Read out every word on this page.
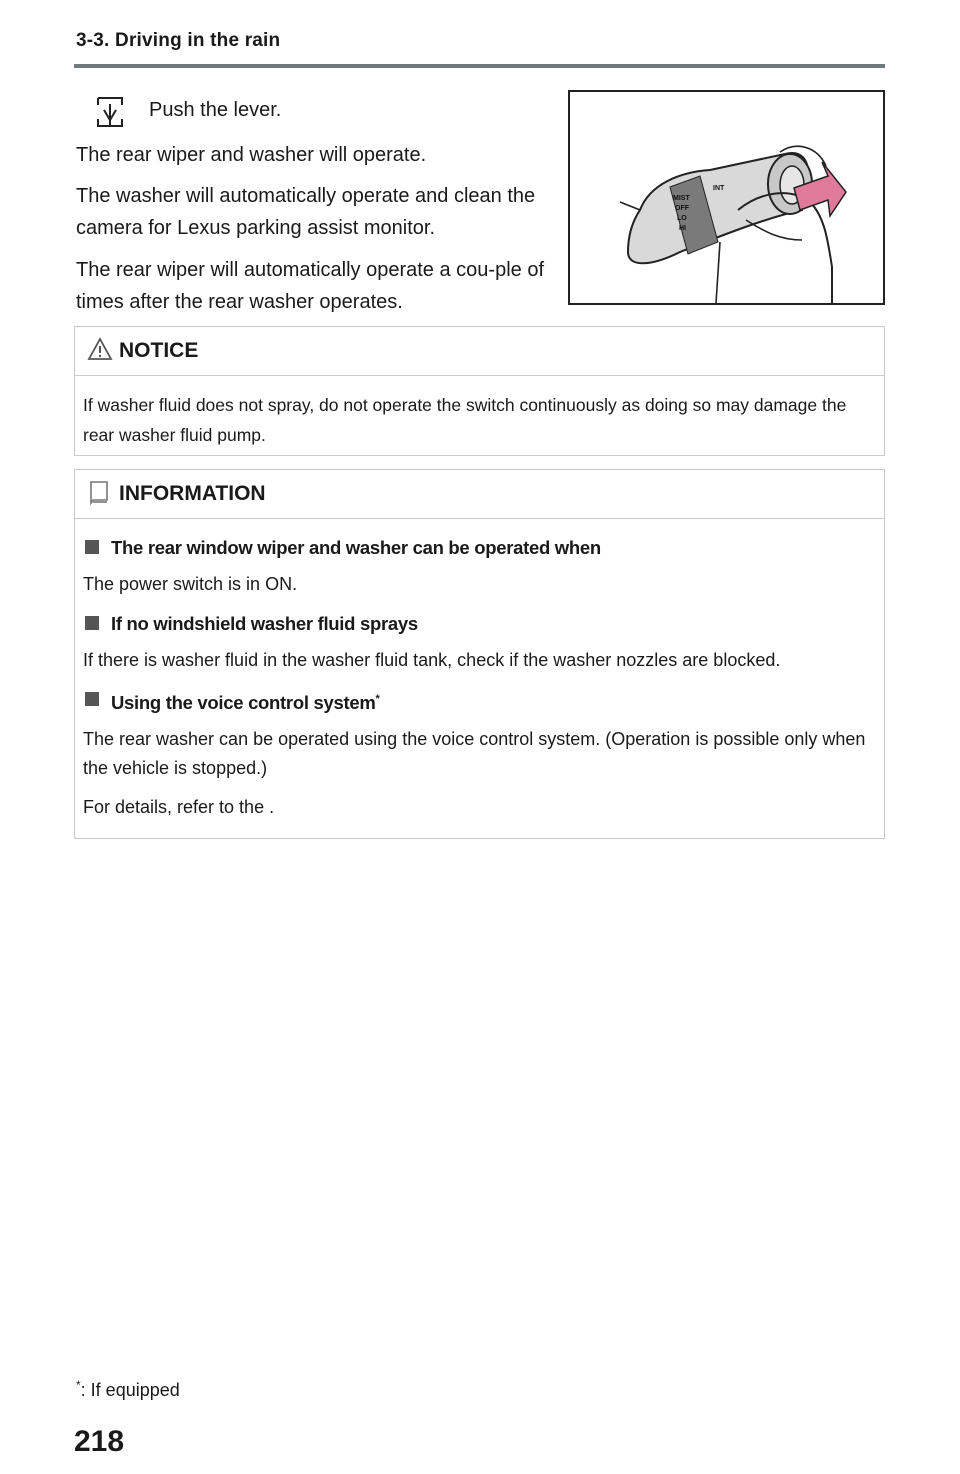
3-3. Driving in the rain
Push the lever.
The rear wiper and washer will operate.
The washer will automatically operate and clean the camera for Lexus parking assist monitor.
The rear wiper will automatically operate a cou-ple of times after the rear washer operates.
MIST
OFF
INT
LO
HI
NOTICE
If washer fluid does not spray, do not operate the switch continuously as doing so may damage the rear washer fluid pump.
INFORMATION
The rear window wiper and washer can be operated when

The power switch is in ON.

If no windshield washer fluid sprays

If there is washer fluid in the washer fluid tank, check if the washer nozzles are blocked.

Using the voice control system*

The rear washer can be operated using the voice control system. (Operation is possible only when the vehicle is stopped.)

For details, refer to the .

*: If equipped
218
